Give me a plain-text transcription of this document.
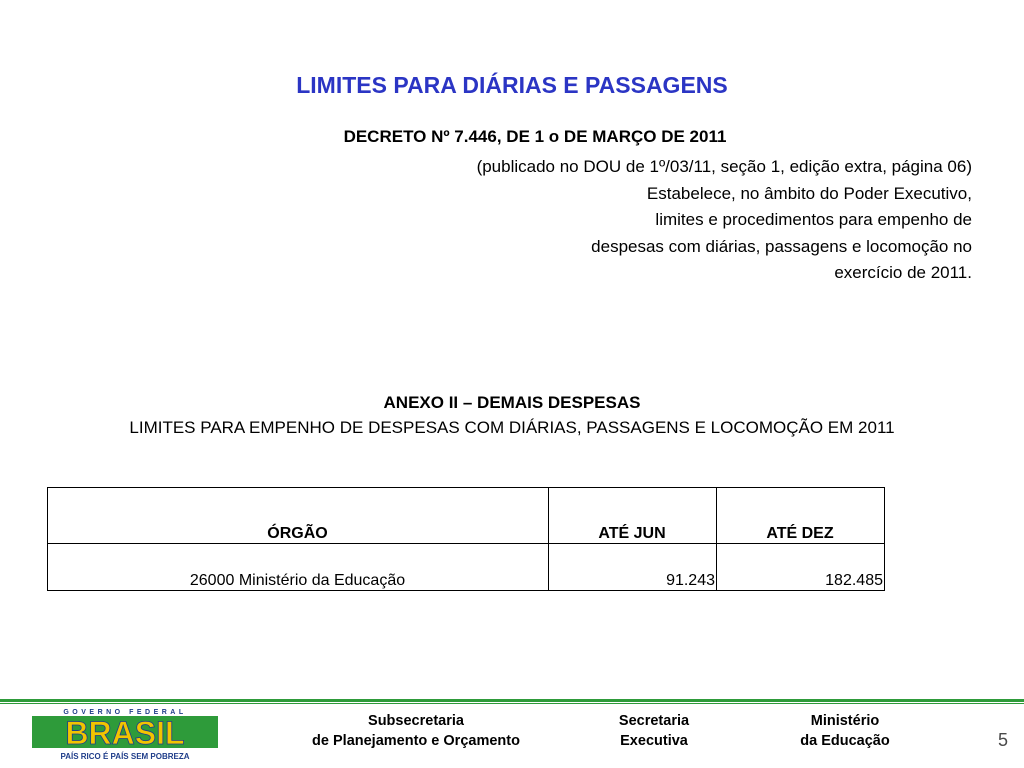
LIMITES PARA DIÁRIAS E PASSAGENS
DECRETO Nº 7.446, DE 1 o DE MARÇO DE 2011
(publicado no DOU de 1º/03/11, seção 1, edição extra, página 06)
Estabelece, no âmbito do Poder Executivo,
limites e procedimentos para empenho de
despesas com diárias, passagens e locomoção no
exercício de 2011.
ANEXO II – DEMAIS DESPESAS
LIMITES PARA EMPENHO DE DESPESAS COM DIÁRIAS, PASSAGENS E LOCOMOÇÃO EM 2011
ÓRGÃO	ATÉ JUN	ATÉ DEZ
26000 Ministério da Educação	91.243	182.485
GOVERNO FEDERAL
BRASIL
PAÍS RICO É PAÍS SEM POBREZA
Subsecretaria
de Planejamento e Orçamento
Secretaria
Executiva
Ministério
da Educação	5
